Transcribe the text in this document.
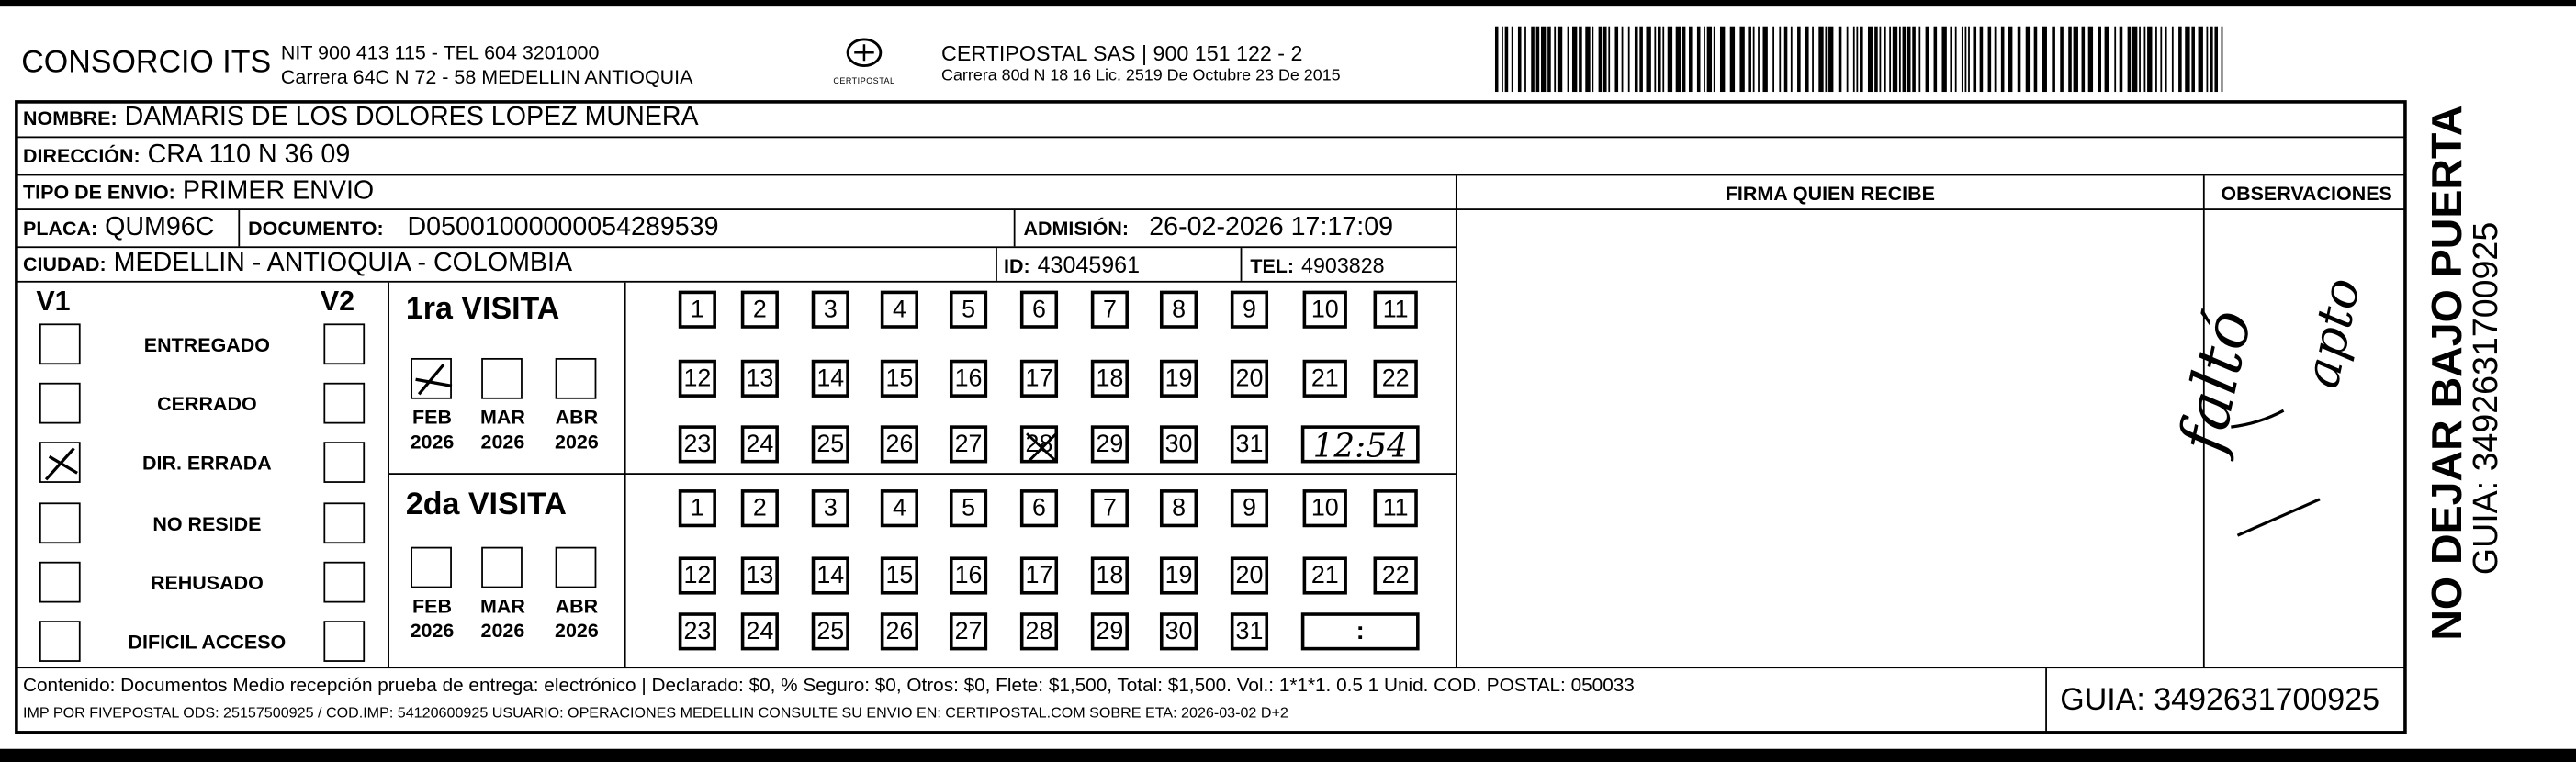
CONSORCIO ITS NIT 900 413 115 - TEL 604 3201000
Carrera 64C N 72 - 58 MEDELLIN ANTIOQUIA	CERTIPOSTAL
CERTIPOSTAL SAS | 900 151 122 - 2
Carrera 80d N 18 16 Lic. 2519 De Octubre 23 De 2015
NOMBRE: DAMARIS DE LOS DOLORES LOPEZ MUNERA
DIRECCIÓN: CRA 110 N 36 09
TIPO DE ENVIO: PRIMER ENVIO	FIRMA QUIEN RECIBE	OBSERVACIONES
PLACA: QUM96C	DOCUMENTO: D05001000000054289539	ADMISIÓN: 26-02-2026 17:17:09
CIUDAD: MEDELLIN - ANTIOQUIA - COLOMBIA	ID: 43045961	TEL: 4903828
V1	V2
ENTREGADO
CERRADO
DIR. ERRADA
NO RESIDE
REHUSADO
DIFICIL ACCESO
1ra VISITA
2da VISITA
FEB
2026
MAR
2026
ABR
2026
FEB
2026
MAR
2026
ABR
2026
1	2	3	4	5	6	7	8	9	10	11
12	13	14	15	16	17	18	19	20	21	22
23	24	25	26	27	28	29	30	31	12:54
1	2	3	4	5	6	7	8	9	10	11
12	13	14	15	16	17	18	19	20	21	22
23	24	25	26	27	28	29	30	31	:
faltó apto NO DEJAR BAJO PUERTA
GUIA: 3492631700925
Contenido: Documentos Medio recepción prueba de entrega: electrónico | Declarado: $0, % Seguro: $0, Otros: $0, Flete: $1,500, Total: $1,500. Vol.: 1*1*1. 0.5 1 Unid. COD. POSTAL: 050033
IMP POR FIVEPOSTAL ODS: 25157500925 / COD.IMP: 54120600925 USUARIO: OPERACIONES MEDELLIN CONSULTE SU ENVIO EN: CERTIPOSTAL.COM SOBRE ETA: 2026-03-02 D+2	GUIA: 3492631700925
